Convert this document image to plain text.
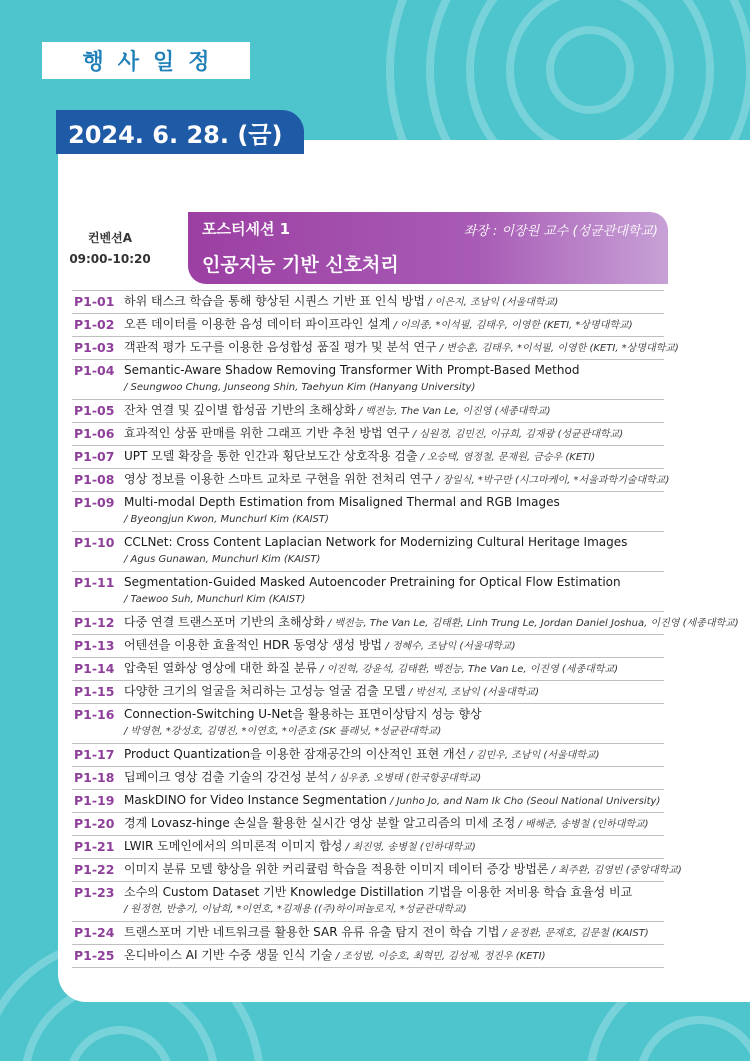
행사일정
2024. 6. 28. (금)
컨벤션A
09:00-10:20
포스터세션 1	좌장 : 이장원 교수 (성균관대학교)
인공지능 기반 신호처리
P1-01 하위 태스크 학습을 통해 향상된 시퀀스 기반 표 인식 방법 / 이은지, 조남익 (서울대학교)
P1-02 오픈 데이터를 이용한 음성 데이터 파이프라인 설계 / 이의종, *이석필, 김태우, 이영한 (KETI, *상명대학교)
P1-03 객관적 평가 도구를 이용한 음성합성 품질 평가 및 분석 연구 / 변승훈, 김태우, *이석필, 이영한 (KETI, *상명대학교)
P1-04 Semantic-Aware Shadow Removing Transformer With Prompt-Based Method
/ Seungwoo Chung, Junseong Shin, Taehyun Kim (Hanyang University)
P1-05 잔차 연결 및 깊이별 합성곱 기반의 초해상화 / 백전능, The Van Le, 이진영 (세종대학교)
P1-06 효과적인 상품 판매를 위한 그래프 기반 추천 방법 연구 / 심원경, 김민진, 이규희, 김재광 (성균관대학교)
P1-07 UPT 모델 확장을 통한 인간과 횡단보도간 상호작용 검출 / 오승택, 염정철, 문재원, 금승우 (KETI)
P1-08 영상 정보를 이용한 스마트 교차로 구현을 위한 전처리 연구 / 장일식, *박구만 (시그마케이, *서울과학기술대학교)
P1-09 Multi-modal Depth Estimation from Misaligned Thermal and RGB Images
/ Byeongjun Kwon, Munchurl Kim (KAIST)
P1-10 CCLNet: Cross Content Laplacian Network for Modernizing Cultural Heritage Images
/ Agus Gunawan, Munchurl Kim (KAIST)
P1-11 Segmentation-Guided Masked Autoencoder Pretraining for Optical Flow Estimation
/ Taewoo Suh, Munchurl Kim (KAIST)
P1-12 다중 연결 트랜스포머 기반의 초해상화 / 백전능, The Van Le, 김태환, Linh Trung Le, Jordan Daniel Joshua, 이진영 (세종대학교)
P1-13 어텐션을 이용한 효율적인 HDR 동영상 생성 방법 / 정혜수, 조남익 (서울대학교)
P1-14 압축된 열화상 영상에 대한 화질 분류 / 이진혁, 강윤석, 김태환, 백전능, The Van Le, 이진영 (세종대학교)
P1-15 다양한 크기의 얼굴을 처리하는 고성능 얼굴 검출 모델 / 박선지, 조남익 (서울대학교)
P1-16 Connection-Switching U-Net을 활용하는 표면이상탐지 성능 향상
/ 박영현, *강성호, 김명진, *이연호, *이준호 (SK 플래닛, *성균관대학교)
P1-17 Product Quantization을 이용한 잠재공간의 이산적인 표현 개선 / 김민우, 조남익 (서울대학교)
P1-18 딥페이크 영상 검출 기술의 강건성 분석 / 심우종, 오병태 (한국항공대학교)
P1-19 MaskDINO for Video Instance Segmentation / Junho Jo, and Nam Ik Cho (Seoul National University)
P1-20 경계 Lovasz-hinge 손실을 활용한 실시간 영상 분할 알고리즘의 미세 조정 / 배해준, 송병철 (인하대학교)
P1-21 LWIR 도메인에서의 의미론적 이미지 합성 / 최진영, 송병철 (인하대학교)
P1-22 이미지 분류 모델 향상을 위한 커리큘럼 학습을 적용한 이미지 데이터 증강 방법론 / 최주환, 김영빈 (중앙대학교)
P1-23 소수의 Custom Dataset 기반 Knowledge Distillation 기법을 이용한 저비용 학습 효율성 비교
/ 원정현, 반충기, 이남희, *이연호, *김재용 ((주)하이퍼놀로지, *성균관대학교)
P1-24 트랜스포머 기반 네트워크를 활용한 SAR 유류 유출 탐지 전이 학습 기법 / 윤정환, 문재호, 김문철 (KAIST)
P1-25 온디바이스 AI 기반 수중 생물 인식 기술 / 조성범, 이승호, 최혁민, 김성제, 정진우 (KETI)
